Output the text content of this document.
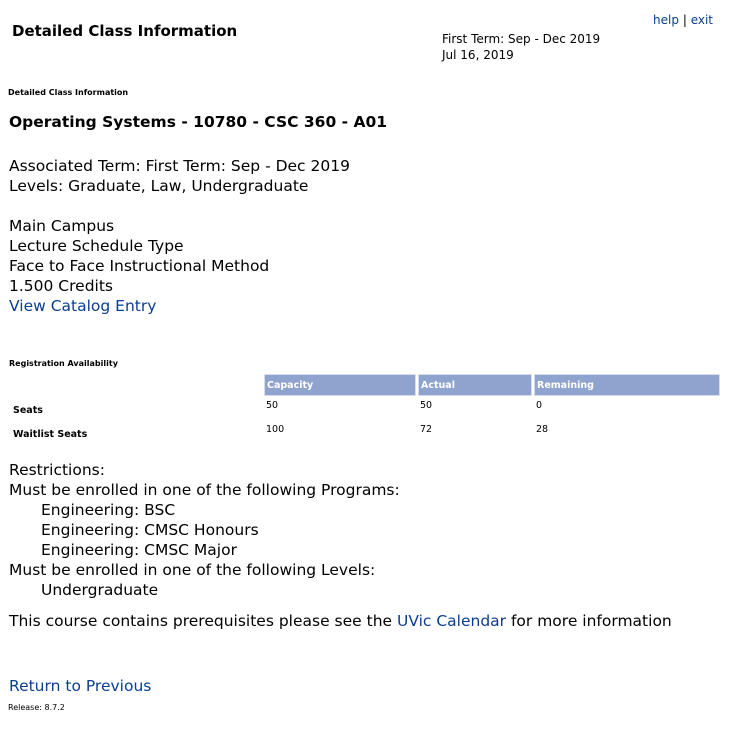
Detailed Class Information
help | exit
First Term: Sep - Dec 2019
Jul 16, 2019
Detailed Class Information
Operating Systems - 10780 - CSC 360 - A01
Associated Term: First Term: Sep - Dec 2019
Levels: Graduate, Law, Undergraduate
Main Campus
Lecture Schedule Type
Face to Face Instructional Method
1.500 Credits
View Catalog Entry
Registration Availability
	Capacity	Actual	Remaining
Seats	50	50	0
Waitlist Seats	100	72	28
Restrictions:
Must be enrolled in one of the following Programs:
Engineering: BSC
Engineering: CMSC Honours
Engineering: CMSC Major
Must be enrolled in one of the following Levels:
Undergraduate
This course contains prerequisites please see the UVic Calendar for more information
Return to Previous
Release: 8.7.2
